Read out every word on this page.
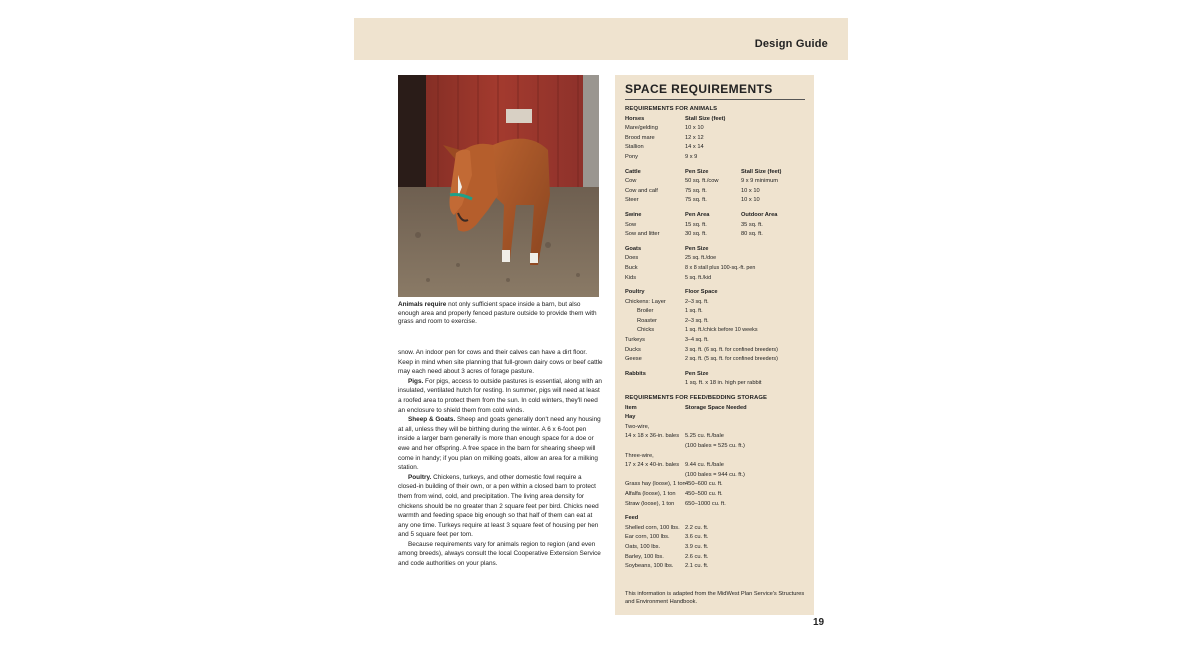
Design Guide
Animals require not only sufficient space inside a barn, but also enough area and properly fenced pasture outside to provide them with grass and room to exercise.

snow. An indoor pen for cows and their calves can have a dirt floor. Keep in mind when site planning that full-grown dairy cows or beef cattle may each need about 3 acres of forage pasture.

Pigs. For pigs, access to outside pastures is essential, along with an insulated, ventilated hutch for resting. In summer, pigs will need at least a roofed area to protect them from the sun. In cold winters, they'll need an enclosure to shield them from cold winds.

Sheep & Goats. Sheep and goats generally don't need any housing at all, unless they will be birthing during the winter. A 6 x 6-foot pen inside a larger barn generally is more than enough space for a doe or ewe and her offspring. A free space in the barn for shearing sheep will come in handy; if you plan on milking goats, allow an area for a milking station.

Poultry. Chickens, turkeys, and other domestic fowl require a closed-in building of their own, or a pen within a closed barn to protect them from wind, cold, and precipitation. The living area density for chickens should be no greater than 2 square feet per bird. Chicks need warmth and feeding space big enough so that half of them can eat at any one time. Turkeys require at least 3 square feet of housing per hen and 5 square feet per tom.

Because requirements vary for animals region to region (and even among breeds), always consult the local Cooperative Extension Service and code authorities on your plans.

SPACE REQUIREMENTS
REQUIREMENTS FOR ANIMALS
Horses	Stall Size (feet)
Mare/gelding	10 x 10
Brood mare	12 x 12
Stallion	14 x 14
Pony	9 x 9
Cattle	Pen Size	Stall Size (feet)
Cow	50 sq. ft./cow	9 x 9 minimum
Cow and calf	75 sq. ft.	10 x 10
Steer	75 sq. ft.	10 x 10
Swine	Pen Area	Outdoor Area
Sow	15 sq. ft.	35 sq. ft.
Sow and litter	30 sq. ft.	80 sq. ft.
Goats	Pen Size
Does	25 sq. ft./doe
Buck	8 x 8 stall plus 100-sq.-ft. pen
Kids	5 sq. ft./kid
Poultry	Floor Space
Chickens: Layer	2–3 sq. ft.
Broiler	1 sq. ft.
Roaster	2–3 sq. ft.
Chicks	1 sq. ft./chick before 10 weeks
Turkeys	3–4 sq. ft.
Ducks	3 sq. ft. (6 sq. ft. for confined breeders)
Geese	2 sq. ft. (5 sq. ft. for confined breeders)
Rabbits	Pen Size
1 sq. ft. x 18 in. high per rabbit
REQUIREMENTS FOR FEED/BEDDING STORAGE
Item	Storage Space Needed
Hay
Two-wire,
14 x 18 x 36-in. bales 5.25 cu. ft./bale
(100 bales = 525 cu. ft.)
Three-wire,
17 x 24 x 40-in. bales 9.44 cu. ft./bale
(100 bales = 944 cu. ft.)
Grass hay (loose), 1 ton 450–600 cu. ft.
Alfalfa (loose), 1 ton 450–500 cu. ft.
Straw (loose), 1 ton 650–1000 cu. ft.
Feed
Shelled corn, 100 lbs. 2.2 cu. ft.
Ear corn, 100 lbs.	3.6 cu. ft.
Oats, 100 lbs.	3.9 cu. ft.
Barley, 100 lbs.	2.6 cu. ft.
Soybeans, 100 lbs. 2.1 cu. ft.
This information is adapted from the MidWest Plan Service's Structures and Environment Handbook.
19
